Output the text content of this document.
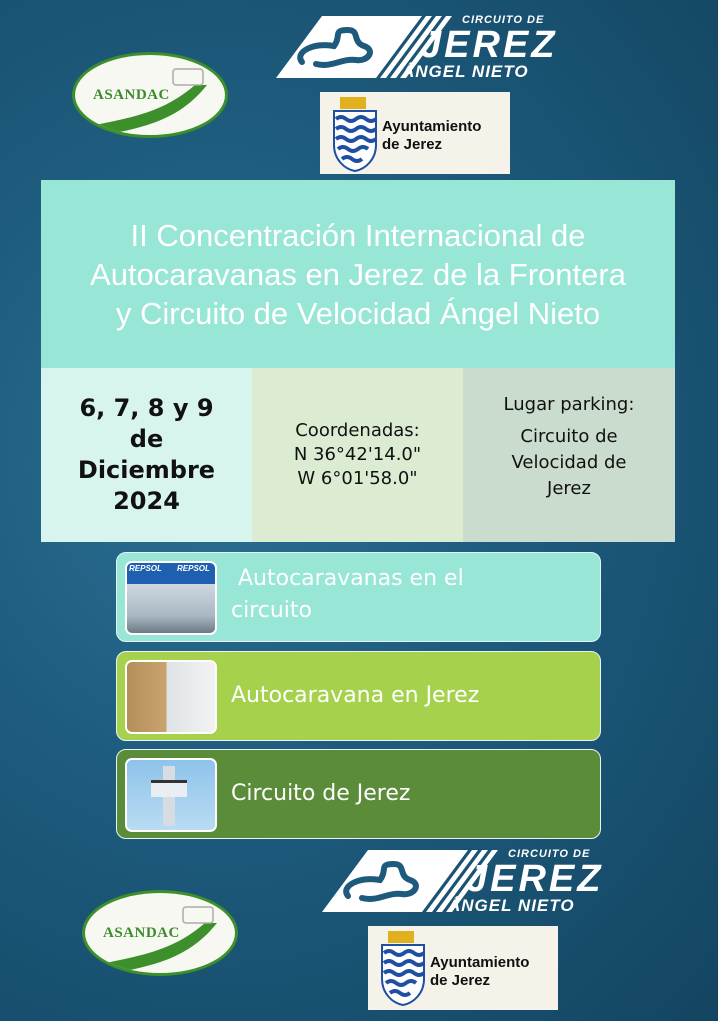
CIRCUITO DE
JEREZ
ÁNGEL NIETO
ASANDAC
Ayuntamiento
de Jerez
II Concentración Internacional de
Autocaravanas en Jerez de la Frontera
y Circuito de Velocidad Ángel Nieto
6, 7, 8 y 9
de
Diciembre
2024
Coordenadas:
N 36°42'14.0"
W 6°01'58.0"
Lugar parking:
Circuito de
Velocidad de
Jerez
REPSOL REPSOL Autocaravanas en el
circuito
Autocaravana en Jerez
Circuito de Jerez
CIRCUITO DE
JEREZ
ÁNGEL NIETO
ASANDAC
Ayuntamiento
de Jerez
